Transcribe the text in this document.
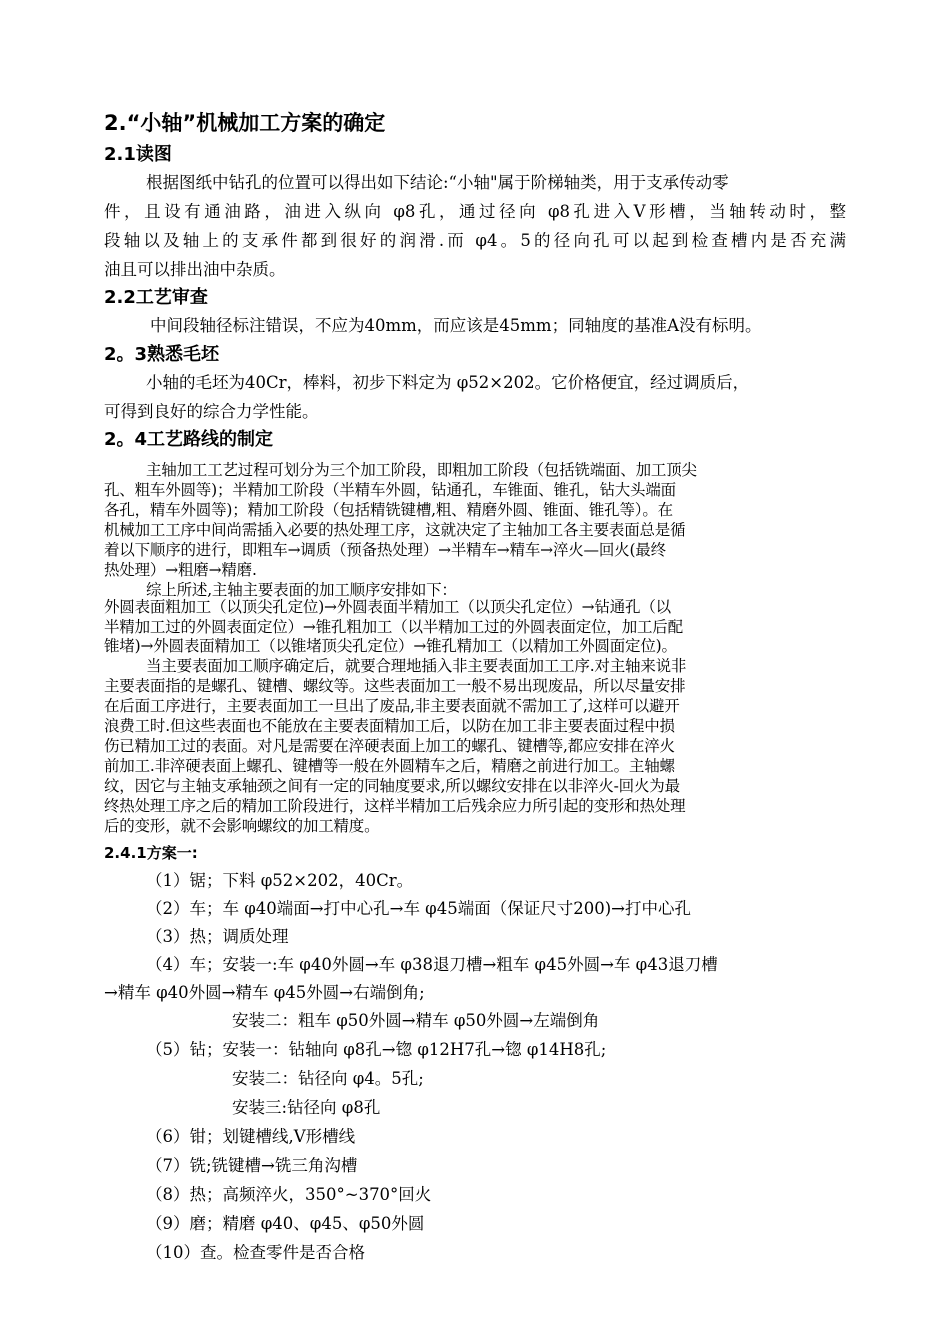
2.“小轴”机械加工方案的确定
2.1读图
根据图纸中钻孔的位置可以得出如下结论:“小轴"属于阶梯轴类，用于支承传动零
件，且设有通油路，油进入纵向 φ8孔，通过径向 φ8孔进入V形槽，当轴转动时，整
段轴以及轴上的支承件都到很好的润滑.而 φ4。5的径向孔可以起到检查槽内是否充满
油且可以排出油中杂质。
2.2工艺审查
中间段轴径标注错误，不应为40mm，而应该是45mm；同轴度的基准A没有标明。
2。3熟悉毛坯
小轴的毛坯为40Cr，棒料，初步下料定为 φ52×202。它价格便宜，经过调质后，
可得到良好的综合力学性能。
2。4工艺路线的制定
主轴加工工艺过程可划分为三个加工阶段，即粗加工阶段（包括铣端面、加工顶尖
孔、粗车外圆等)；半精加工阶段（半精车外圆，钻通孔，车锥面、锥孔，钻大头端面
各孔，精车外圆等)；精加工阶段（包括精铣键槽,粗、精磨外圆、锥面、锥孔等）。在
机械加工工序中间尚需插入必要的热处理工序，这就决定了主轴加工各主要表面总是循
着以下顺序的进行，即粗车→调质（预备热处理）→半精车→精车→淬火—回火(最终
热处理）→粗磨→精磨.
综上所述,主轴主要表面的加工顺序安排如下：
外圆表面粗加工（以顶尖孔定位)→外圆表面半精加工（以顶尖孔定位）→钻通孔（以
半精加工过的外圆表面定位）→锥孔粗加工（以半精加工过的外圆表面定位，加工后配
锥堵)→外圆表面精加工（以锥堵顶尖孔定位）→锥孔精加工（以精加工外圆面定位)。
当主要表面加工顺序确定后，就要合理地插入非主要表面加工工序.对主轴来说非
主要表面指的是螺孔、键槽、螺纹等。这些表面加工一般不易出现废品，所以尽量安排
在后面工序进行，主要表面加工一旦出了废品,非主要表面就不需加工了,这样可以避开
浪费工时.但这些表面也不能放在主要表面精加工后，以防在加工非主要表面过程中损
伤已精加工过的表面。对凡是需要在淬硬表面上加工的螺孔、键槽等,都应安排在淬火
前加工.非淬硬表面上螺孔、键槽等一般在外圆精车之后，精磨之前进行加工。主轴螺
纹，因它与主轴支承轴颈之间有一定的同轴度要求,所以螺纹安排在以非淬火-回火为最
终热处理工序之后的精加工阶段进行，这样半精加工后残余应力所引起的变形和热处理
后的变形，就不会影响螺纹的加工精度。
2.4.1方案一:
（1）锯；下料 φ52×202，40Cr。
（2）车；车 φ40端面→打中心孔→车 φ45端面（保证尺寸200)→打中心孔
（3）热；调质处理
（4）车；安装一:车 φ40外圆→车 φ38退刀槽→粗车 φ45外圆→车 φ43退刀槽
→精车 φ40外圆→精车 φ45外圆→右端倒角;
安装二：粗车 φ50外圆→精车 φ50外圆→左端倒角
（5）钻；安装一：钻轴向 φ8孔→锪 φ12H7孔→锪 φ14H8孔;
安装二：钻径向 φ4。5孔;
安装三:钻径向 φ8孔
（6）钳；划键槽线,V形槽线
（7）铣;铣键槽→铣三角沟槽
（8）热；高频淬火，350°~370°回火
（9）磨；精磨 φ40、φ45、φ50外圆
（10）查。检查零件是否合格
